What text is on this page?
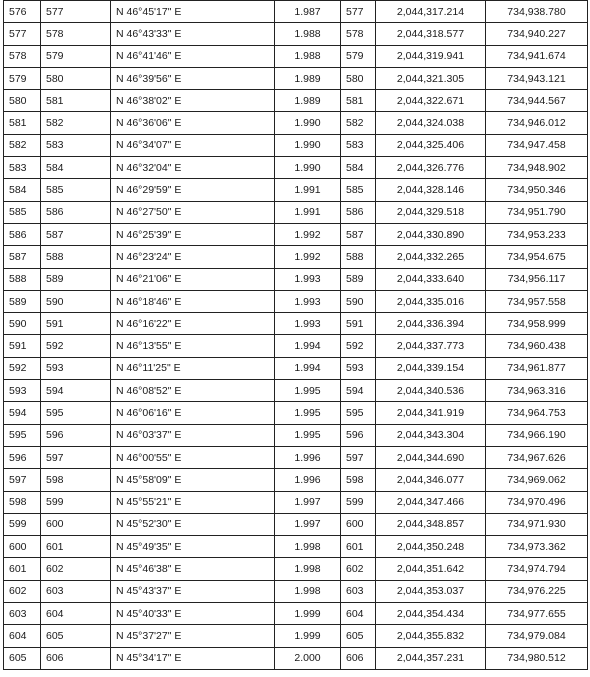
576	577	N 46°45'17" E	1.987	577	2,044,317.214	734,938.780
577	578	N 46°43'33" E	1.988	578	2,044,318.577	734,940.227
578	579	N 46°41'46" E	1.988	579	2,044,319.941	734,941.674
579	580	N 46°39'56" E	1.989	580	2,044,321.305	734,943.121
580	581	N 46°38'02" E	1.989	581	2,044,322.671	734,944.567
581	582	N 46°36'06" E	1.990	582	2,044,324.038	734,946.012
582	583	N 46°34'07" E	1.990	583	2,044,325.406	734,947.458
583	584	N 46°32'04" E	1.990	584	2,044,326.776	734,948.902
584	585	N 46°29'59" E	1.991	585	2,044,328.146	734,950.346
585	586	N 46°27'50" E	1.991	586	2,044,329.518	734,951.790
586	587	N 46°25'39" E	1.992	587	2,044,330.890	734,953.233
587	588	N 46°23'24" E	1.992	588	2,044,332.265	734,954.675
588	589	N 46°21'06" E	1.993	589	2,044,333.640	734,956.117
589	590	N 46°18'46" E	1.993	590	2,044,335.016	734,957.558
590	591	N 46°16'22" E	1.993	591	2,044,336.394	734,958.999
591	592	N 46°13'55" E	1.994	592	2,044,337.773	734,960.438
592	593	N 46°11'25" E	1.994	593	2,044,339.154	734,961.877
593	594	N 46°08'52" E	1.995	594	2,044,340.536	734,963.316
594	595	N 46°06'16" E	1.995	595	2,044,341.919	734,964.753
595	596	N 46°03'37" E	1.995	596	2,044,343.304	734,966.190
596	597	N 46°00'55" E	1.996	597	2,044,344.690	734,967.626
597	598	N 45°58'09" E	1.996	598	2,044,346.077	734,969.062
598	599	N 45°55'21" E	1.997	599	2,044,347.466	734,970.496
599	600	N 45°52'30" E	1.997	600	2,044,348.857	734,971.930
600	601	N 45°49'35" E	1.998	601	2,044,350.248	734,973.362
601	602	N 45°46'38" E	1.998	602	2,044,351.642	734,974.794
602	603	N 45°43'37" E	1.998	603	2,044,353.037	734,976.225
603	604	N 45°40'33" E	1.999	604	2,044,354.434	734,977.655
604	605	N 45°37'27" E	1.999	605	2,044,355.832	734,979.084
605	606	N 45°34'17" E	2.000	606	2,044,357.231	734,980.512
